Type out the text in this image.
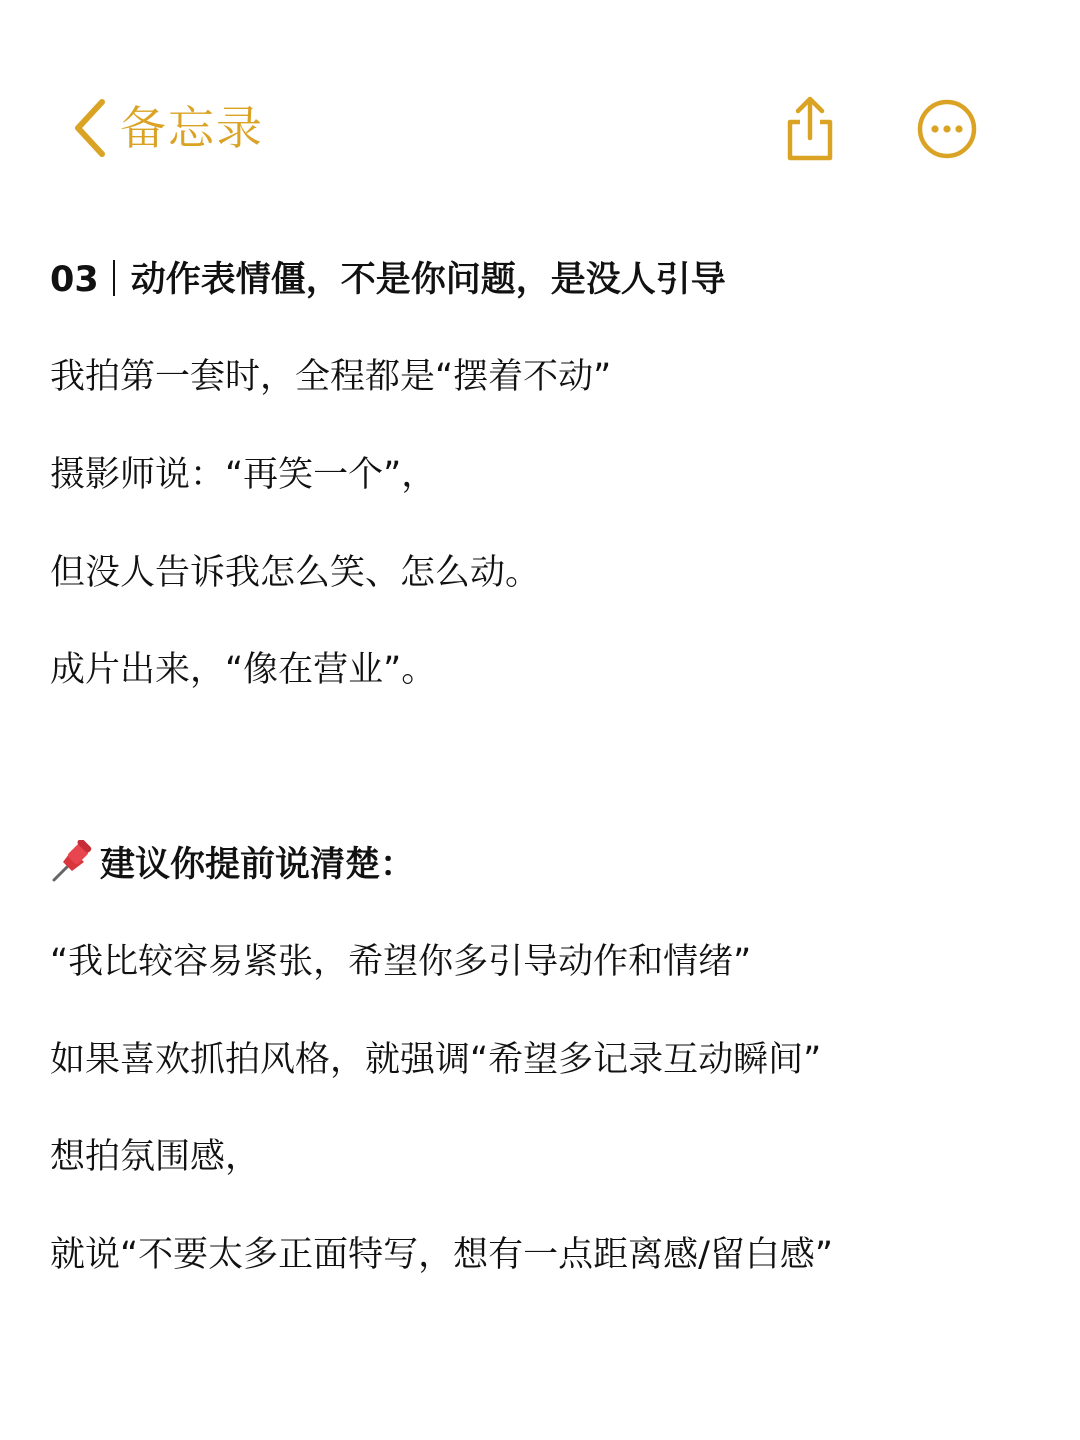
备忘录
03 动作表情僵，不是你问题，是没人引导
我拍第一套时，全程都是“摆着不动”
摄影师说：“再笑一个”，
但没人告诉我怎么笑、怎么动。
成片出来，“像在营业”。
建议你提前说清楚：
“我比较容易紧张，希望你多引导动作和情绪”
如果喜欢抓拍风格，就强调“希望多记录互动瞬间”
想拍氛围感，
就说“不要太多正面特写，想有一点距离感/留白感”
